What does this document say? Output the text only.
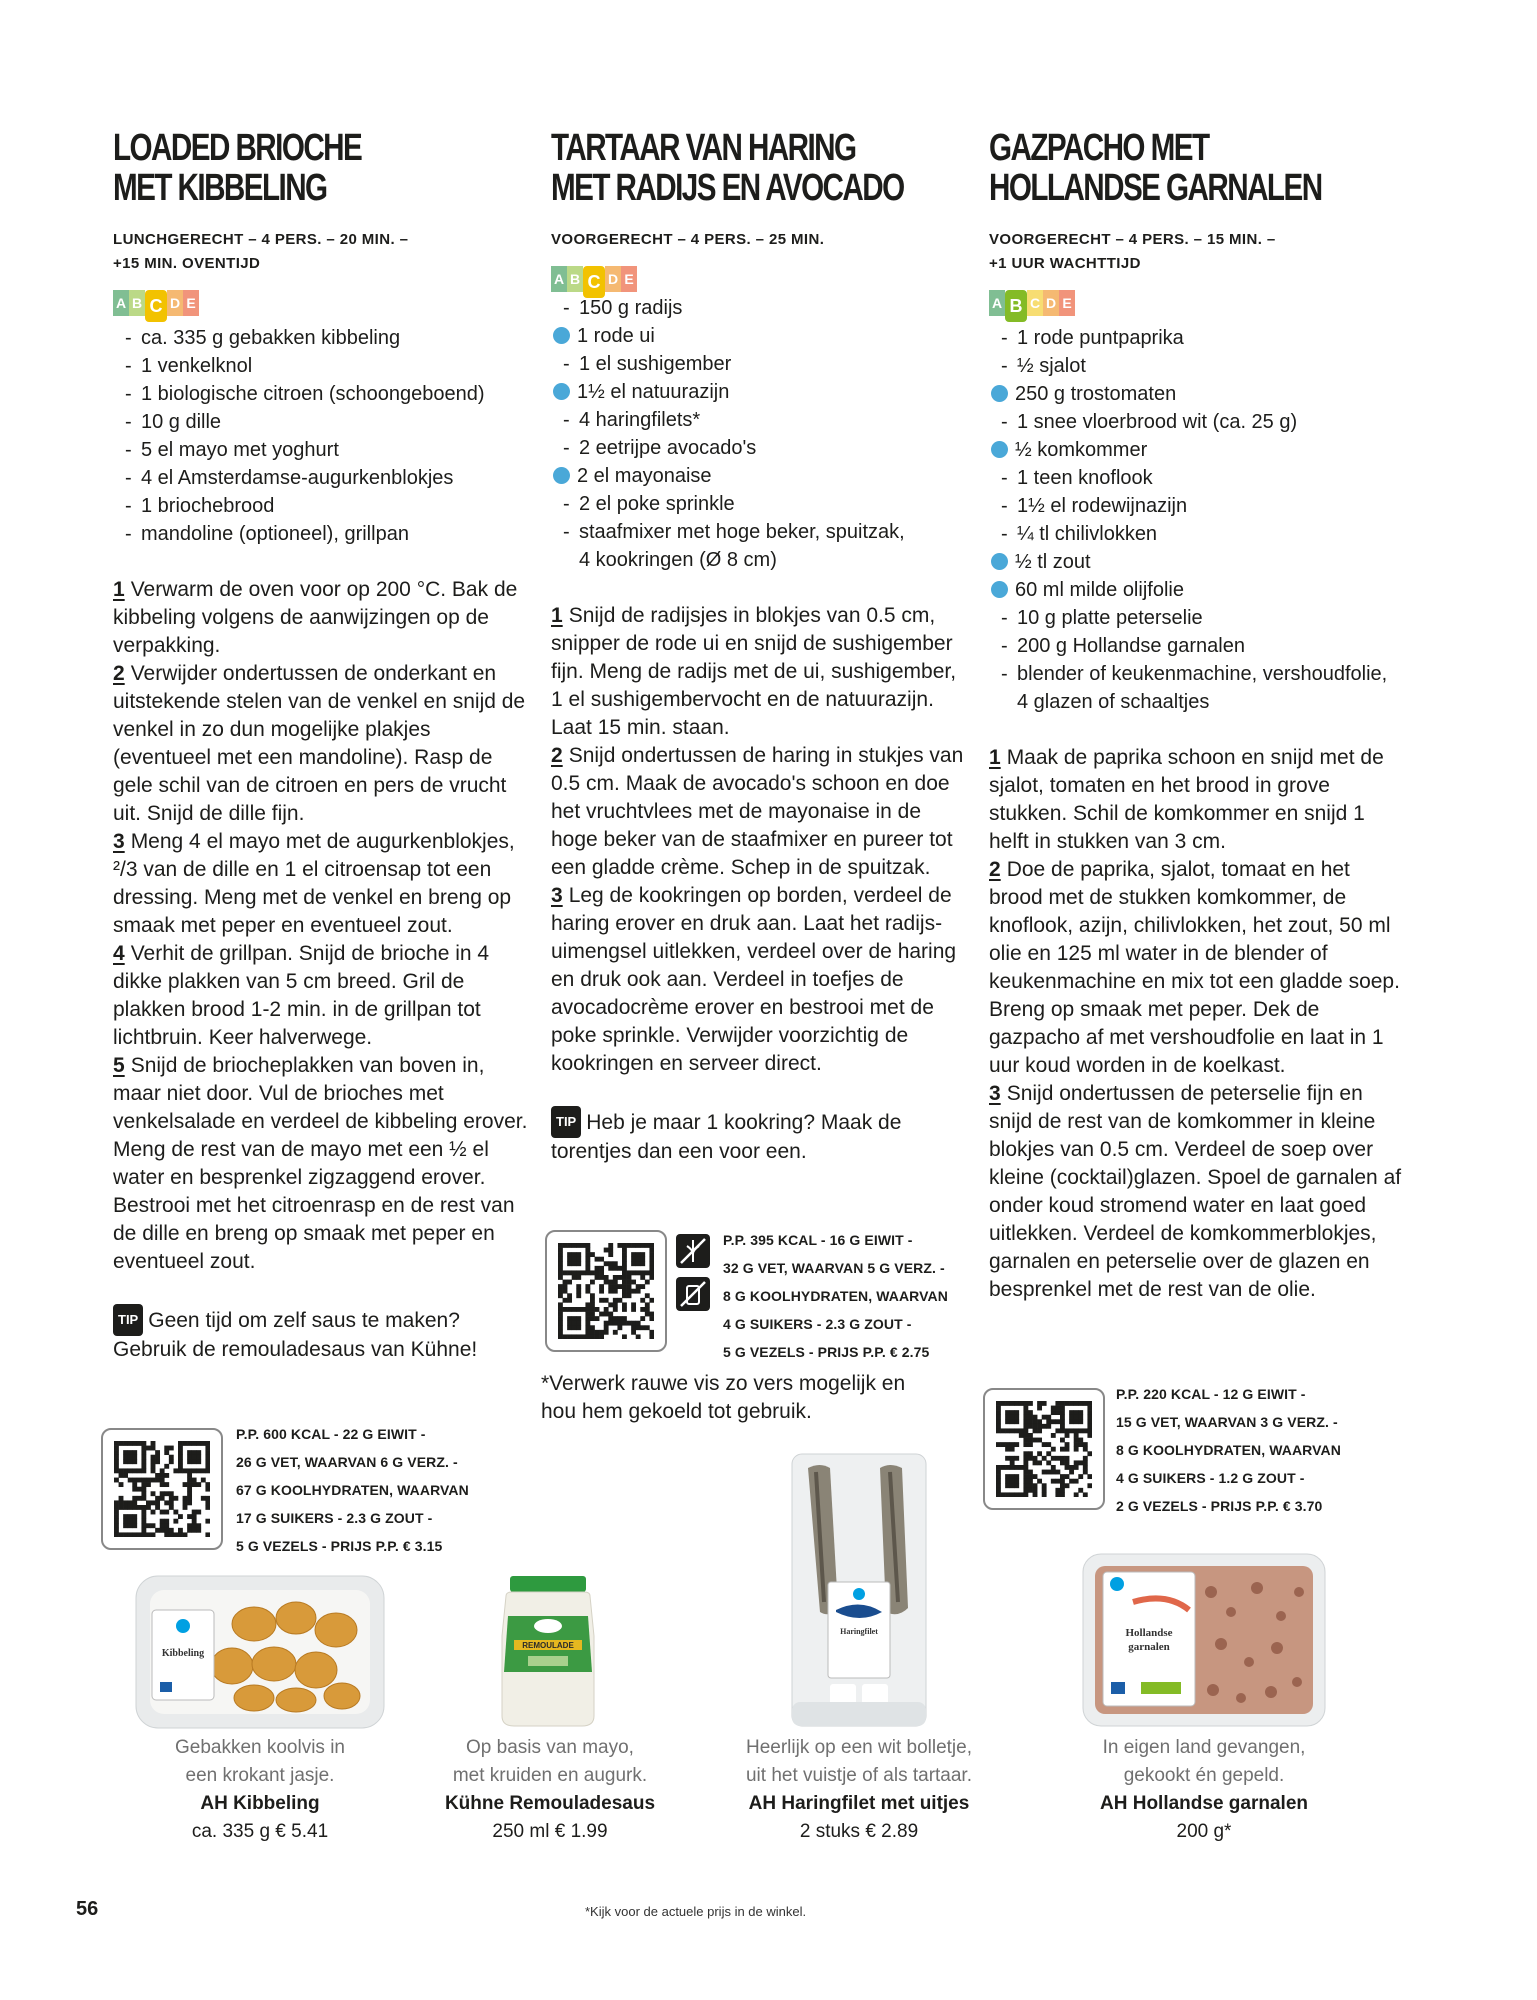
LOADED BRIOCHE
MET KIBBELING
LUNCHGERECHT – 4 PERS. – 20 MIN. –
+15 MIN. OVENTIJD
A B C D E
- ca. 335 g gebakken kibbeling
- 1 venkelknol
- 1 biologische citroen (schoongeboend)
- 10 g dille
- 5 el mayo met yoghurt
- 4 el Amsterdamse-augurkenblokjes
- 1 briochebrood
- mandoline (optioneel), grillpan

1 Verwarm de oven voor op 200 °C. Bak de kibbeling volgens de aanwijzingen op de verpakking.

2 Verwijder ondertussen de onderkant en uitstekende stelen van de venkel en snijd de venkel in zo dun mogelijke plakjes (eventueel met een mandoline). Rasp de gele schil van de citroen en pers de vrucht uit. Snijd de dille fijn.

3 Meng 4 el mayo met de augurkenblokjes, ²/3 van de dille en 1 el citroensap tot een dressing. Meng met de venkel en breng op smaak met peper en eventueel zout.

4 Verhit de grillpan. Snijd de brioche in 4 dikke plakken van 5 cm breed. Gril de plakken brood 1-2 min. in de grillpan tot lichtbruin. Keer halverwege.

5 Snijd de briocheplakken van boven in, maar niet door. Vul de brioches met venkelsalade en verdeel de kibbeling erover. Meng de rest van de mayo met een ½ el water en besprenkel zigzaggend erover. Bestrooi met het citroenrasp en de rest van de dille en breng op smaak met peper en eventueel zout.

TIP Geen tijd om zelf saus te maken? Gebruik de remouladesaus van Kühne!
TARTAAR VAN HARING
MET RADIJS EN AVOCADO
VOORGERECHT – 4 PERS. – 25 MIN.
A B C D E
- 150 g radijs
1 rode ui
- 1 el sushigember
1½ el natuurazijn
- 4 haringfilets*
- 2 eetrijpe avocado's
2 el mayonaise
- 2 el poke sprinkle
- staafmixer met hoge beker, spuitzak,
4 kookringen (Ø 8 cm)

1 Snijd de radijsjes in blokjes van 0.5 cm, snipper de rode ui en snijd de sushigember fijn. Meng de radijs met de ui, sushigember, 1 el sushigembervocht en de natuurazijn. Laat 15 min. staan.

2 Snijd ondertussen de haring in stukjes van 0.5 cm. Maak de avocado's schoon en doe het vruchtvlees met de mayonaise in de hoge beker van de staafmixer en pureer tot een gladde crème. Schep in de spuitzak.

3 Leg de kookringen op borden, verdeel de haring erover en druk aan. Laat het radijs-uimengsel uitlekken, verdeel over de haring en druk ook aan. Verdeel in toefjes de avocadocrème erover en bestrooi met de poke sprinkle. Verwijder voorzichtig de kookringen en serveer direct.

TIP Heb je maar 1 kookring? Maak de torentjes dan een voor een.
GAZPACHO MET
HOLLANDSE GARNALEN
VOORGERECHT – 4 PERS. – 15 MIN. –
+1 UUR WACHTTIJD
A B C D E
- 1 rode puntpaprika
- ½ sjalot
250 g trostomaten
- 1 snee vloerbrood wit (ca. 25 g)
½ komkommer
- 1 teen knoflook
- 1½ el rodewijnazijn
- ¼ tl chilivlokken
½ tl zout
60 ml milde olijfolie
- 10 g platte peterselie
- 200 g Hollandse garnalen
- blender of keukenmachine, vershoudfolie,
4 glazen of schaaltjes

1 Maak de paprika schoon en snijd met de sjalot, tomaten en het brood in grove stukken. Schil de komkommer en snijd 1 helft in stukken van 3 cm.

2 Doe de paprika, sjalot, tomaat en het brood met de stukken komkommer, de knoflook, azijn, chilivlokken, het zout, 50 ml olie en 125 ml water in de blender of keukenmachine en mix tot een gladde soep. Breng op smaak met peper. Dek de gazpacho af met vershoudfolie en laat in 1 uur koud worden in de koelkast.

3 Snijd ondertussen de peterselie fijn en snijd de rest van de komkommer in kleine blokjes van 0.5 cm. Verdeel de soep over kleine (cocktail)glazen. Spoel de garnalen af onder koud stromend water en laat goed uitlekken. Verdeel de komkommerblokjes, garnalen en peterselie over de glazen en besprenkel met de rest van de olie.

P.P. 600 KCAL - 22 G EIWIT -
26 G VET, WAARVAN 6 G VERZ. -
67 G KOOLHYDRATEN, WAARVAN
17 G SUIKERS - 2.3 G ZOUT -
5 G VEZELS - PRIJS P.P. € 3.15
P.P. 395 KCAL - 16 G EIWIT -
32 G VET, WAARVAN 5 G VERZ. -
8 G KOOLHYDRATEN, WAARVAN
4 G SUIKERS - 2.3 G ZOUT -
5 G VEZELS - PRIJS P.P. € 2.75
*Verwerk rauwe vis zo vers mogelijk en hou hem gekoeld tot gebruik.
P.P. 220 KCAL - 12 G EIWIT -
15 G VET, WAARVAN 3 G VERZ. -
8 G KOOLHYDRATEN, WAARVAN
4 G SUIKERS - 1.2 G ZOUT -
2 G VEZELS - PRIJS P.P. € 3.70
Kibbeling
REMOULADE
Haringfilet	Hollandse
garnalen
Gebakken koolvis in
een krokant jasje.
AH Kibbeling
ca. 335 g € 5.41
Op basis van mayo,
met kruiden en augurk.
Kühne Remouladesaus
250 ml € 1.99
Heerlijk op een wit bolletje,
uit het vuistje of als tartaar.
AH Haringfilet met uitjes
2 stuks € 2.89
In eigen land gevangen,
gekookt én gepeld.
AH Hollandse garnalen
200 g*
56	*Kijk voor de actuele prijs in de winkel.
